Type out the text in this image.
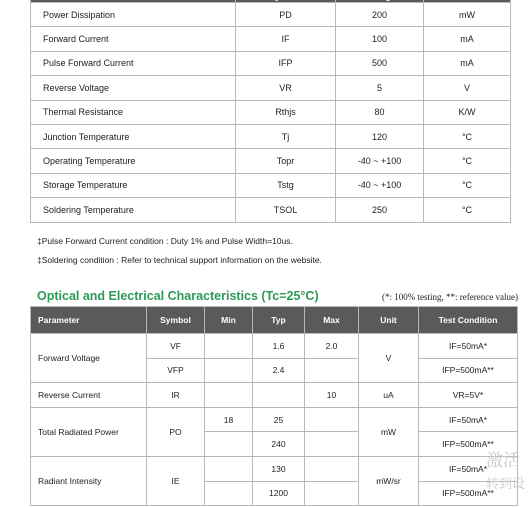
Power Dissipation	PD	200	mW
Forward Current	IF	100	mA
Pulse Forward Current	IFP	500	mA
Reverse Voltage	VR	5	V
Thermal Resistance	Rthjs	80	K/W
Junction Temperature	Tj	120	°C
Operating Temperature	Topr	-40 ~ +100	°C
Storage Temperature	Tstg	-40 ~ +100	°C
Soldering Temperature	TSOL	250	°C
‡Pulse Forward Current condition : Duty 1% and Pulse Width=10us.
‡Soldering condition : Refer to technical support information on the website.
Optical and Electrical Characteristics (Tc=25°C)	(*: 100% testing, **: reference value)
Parameter	Symbol	Min	Typ	Max	Unit	Test Condition
Forward Voltage	VF		1.6	2.0	V	IF=50mA*
	VFP		2.4			IFP=500mA**
Reverse Current	IR			10	uA	VR=5V*
Total Radiated Power	PO	18	25		mW	IF=50mA*
			240			IFP=500mA**
Radiant Intensity	IE		130		mW/sr	IF=50mA*
			1200			IFP=500mA**
激活
转到设
